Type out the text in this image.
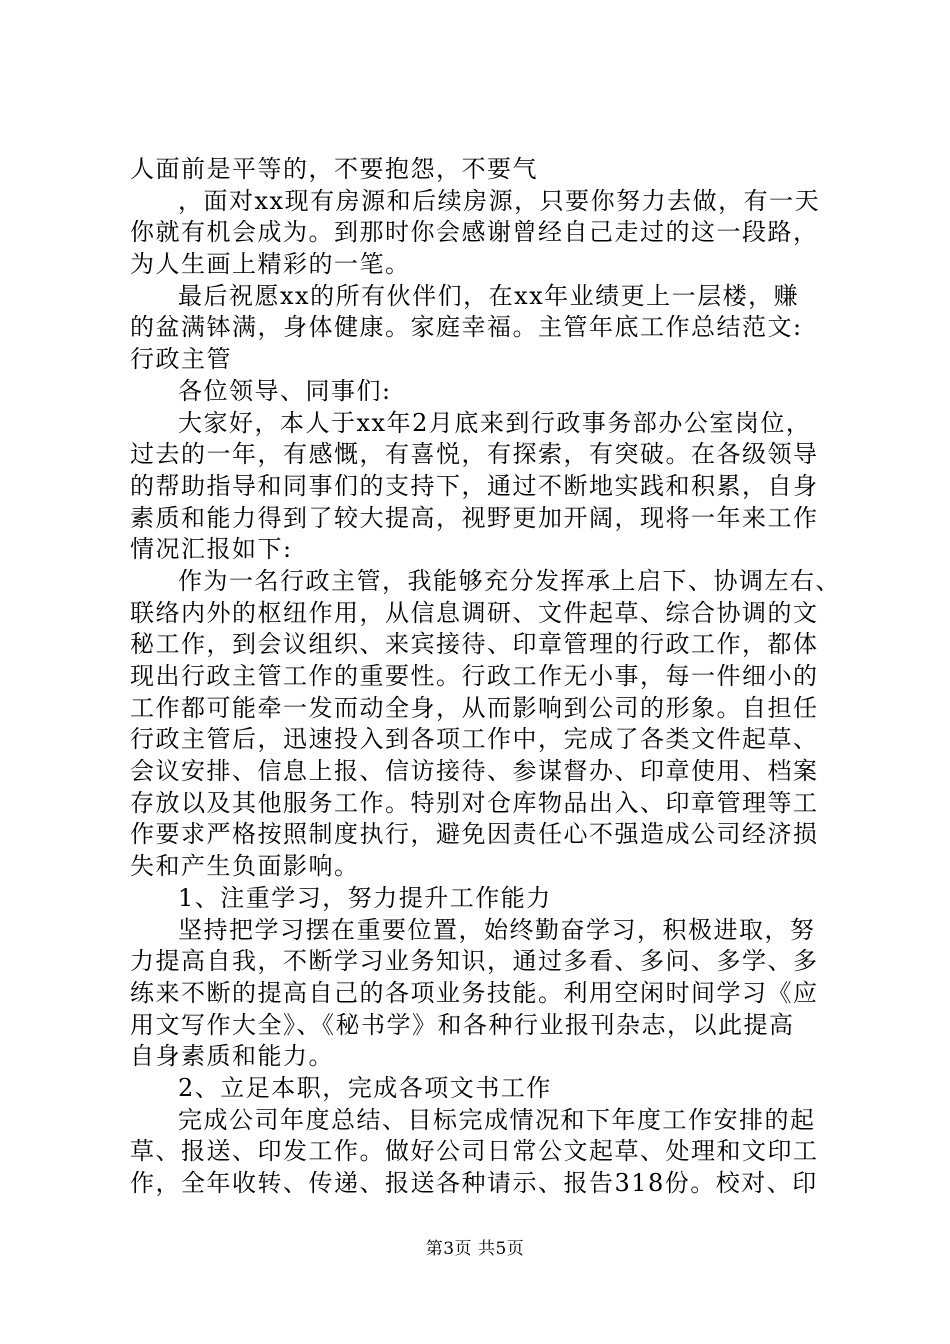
人面前是平等的，不要抱怨，不要气
，面对xx现有房源和后续房源，只要你努力去做，有一天
你就有机会成为。到那时你会感谢曾经自己走过的这一段路，
为人生画上精彩的一笔。
最后祝愿xx的所有伙伴们，在xx年业绩更上一层楼，赚
的盆满钵满，身体健康。家庭幸福。主管年底工作总结范文:
行政主管
各位领导、同事们:
大家好，本人于xx年2月底来到行政事务部办公室岗位，
过去的一年，有感慨，有喜悦，有探索，有突破。在各级领导
的帮助指导和同事们的支持下，通过不断地实践和积累，自身
素质和能力得到了较大提高，视野更加开阔，现将一年来工作
情况汇报如下:
作为一名行政主管，我能够充分发挥承上启下、协调左右、
联络内外的枢纽作用，从信息调研、文件起草、综合协调的文
秘工作，到会议组织、来宾接待、印章管理的行政工作，都体
现出行政主管工作的重要性。行政工作无小事，每一件细小的
工作都可能牵一发而动全身，从而影响到公司的形象。自担任
行政主管后，迅速投入到各项工作中，完成了各类文件起草、
会议安排、信息上报、信访接待、参谋督办、印章使用、档案
存放以及其他服务工作。特别对仓库物品出入、印章管理等工
作要求严格按照制度执行，避免因责任心不强造成公司经济损
失和产生负面影响。
1、注重学习，努力提升工作能力
坚持把学习摆在重要位置，始终勤奋学习，积极进取，努
力提高自我，不断学习业务知识，通过多看、多问、多学、多
练来不断的提高自己的各项业务技能。利用空闲时间学习《应
用文写作大全》、《秘书学》和各种行业报刊杂志，以此提高
自身素质和能力。
2、立足本职，完成各项文书工作
完成公司年度总结、目标完成情况和下年度工作安排的起
草、报送、印发工作。做好公司日常公文起草、处理和文印工
作，全年收转、传递、报送各种请示、报告318份。校对、印
第3页 共5页
